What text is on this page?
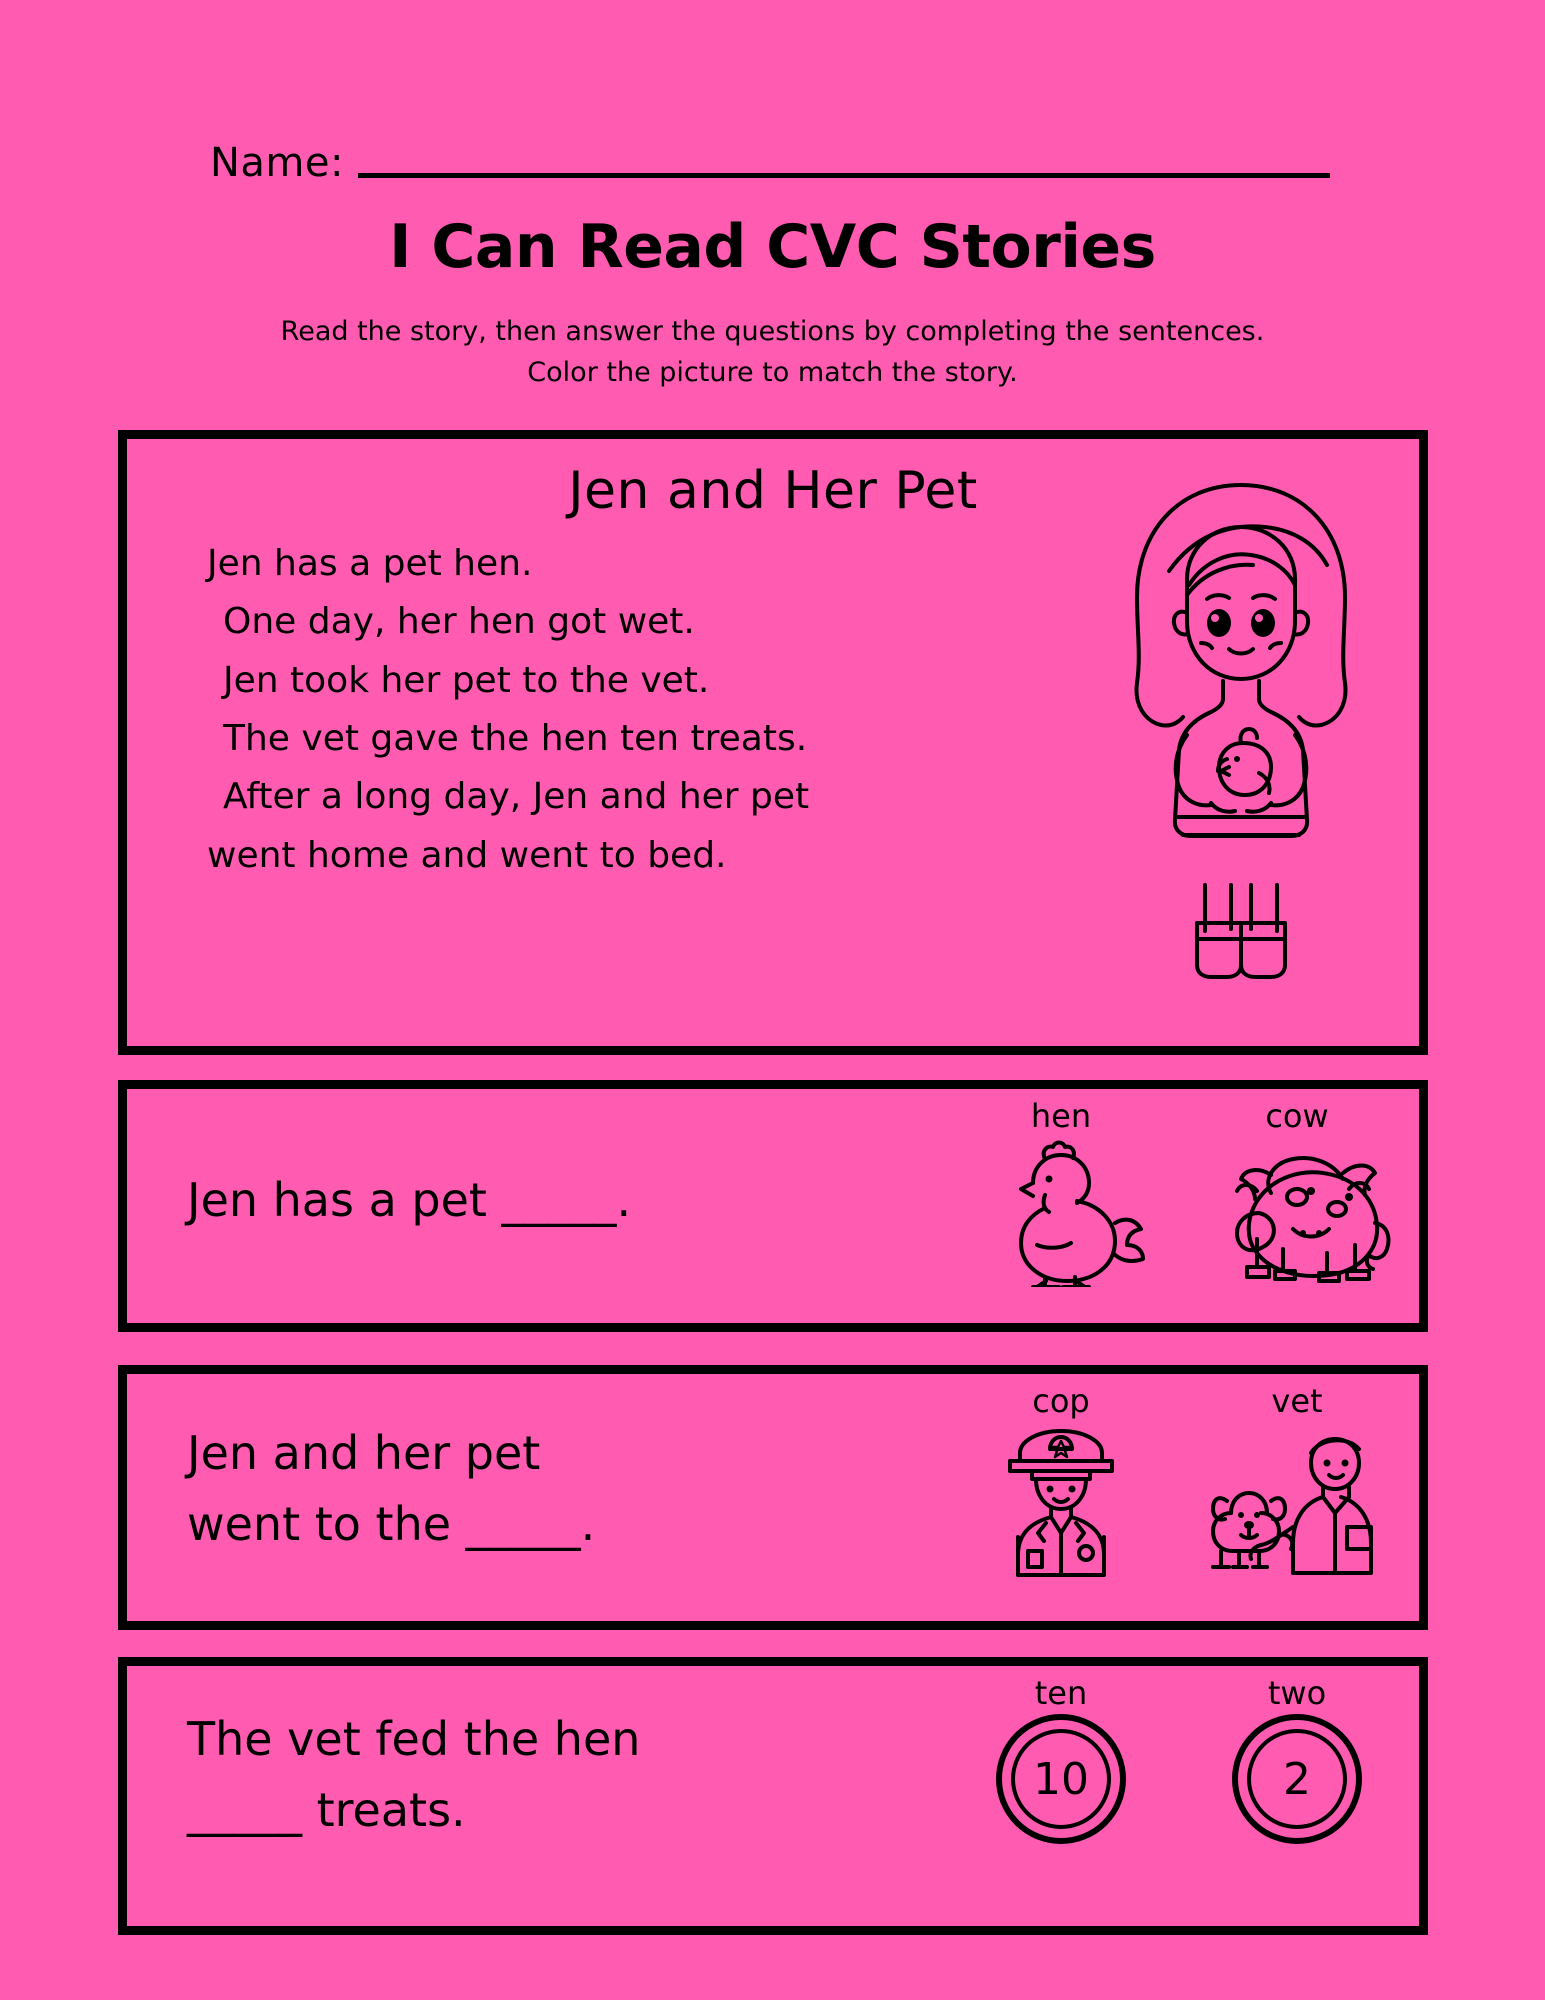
Name:
I Can Read CVC Stories
Read the story, then answer the questions by completing the sentences.
Color the picture to match the story.
Jen and Her Pet
Jen has a pet hen.
One day, her hen got wet.
Jen took her pet to the vet.
The vet gave the hen ten treats.
After a long day, Jen and her pet
went home and went to bed.
Jen has a pet _____.
hen	cow
Jen and her pet
went to the _____.
cop	vet
The vet fed the hen
_____ treats.
ten
10
two
2
